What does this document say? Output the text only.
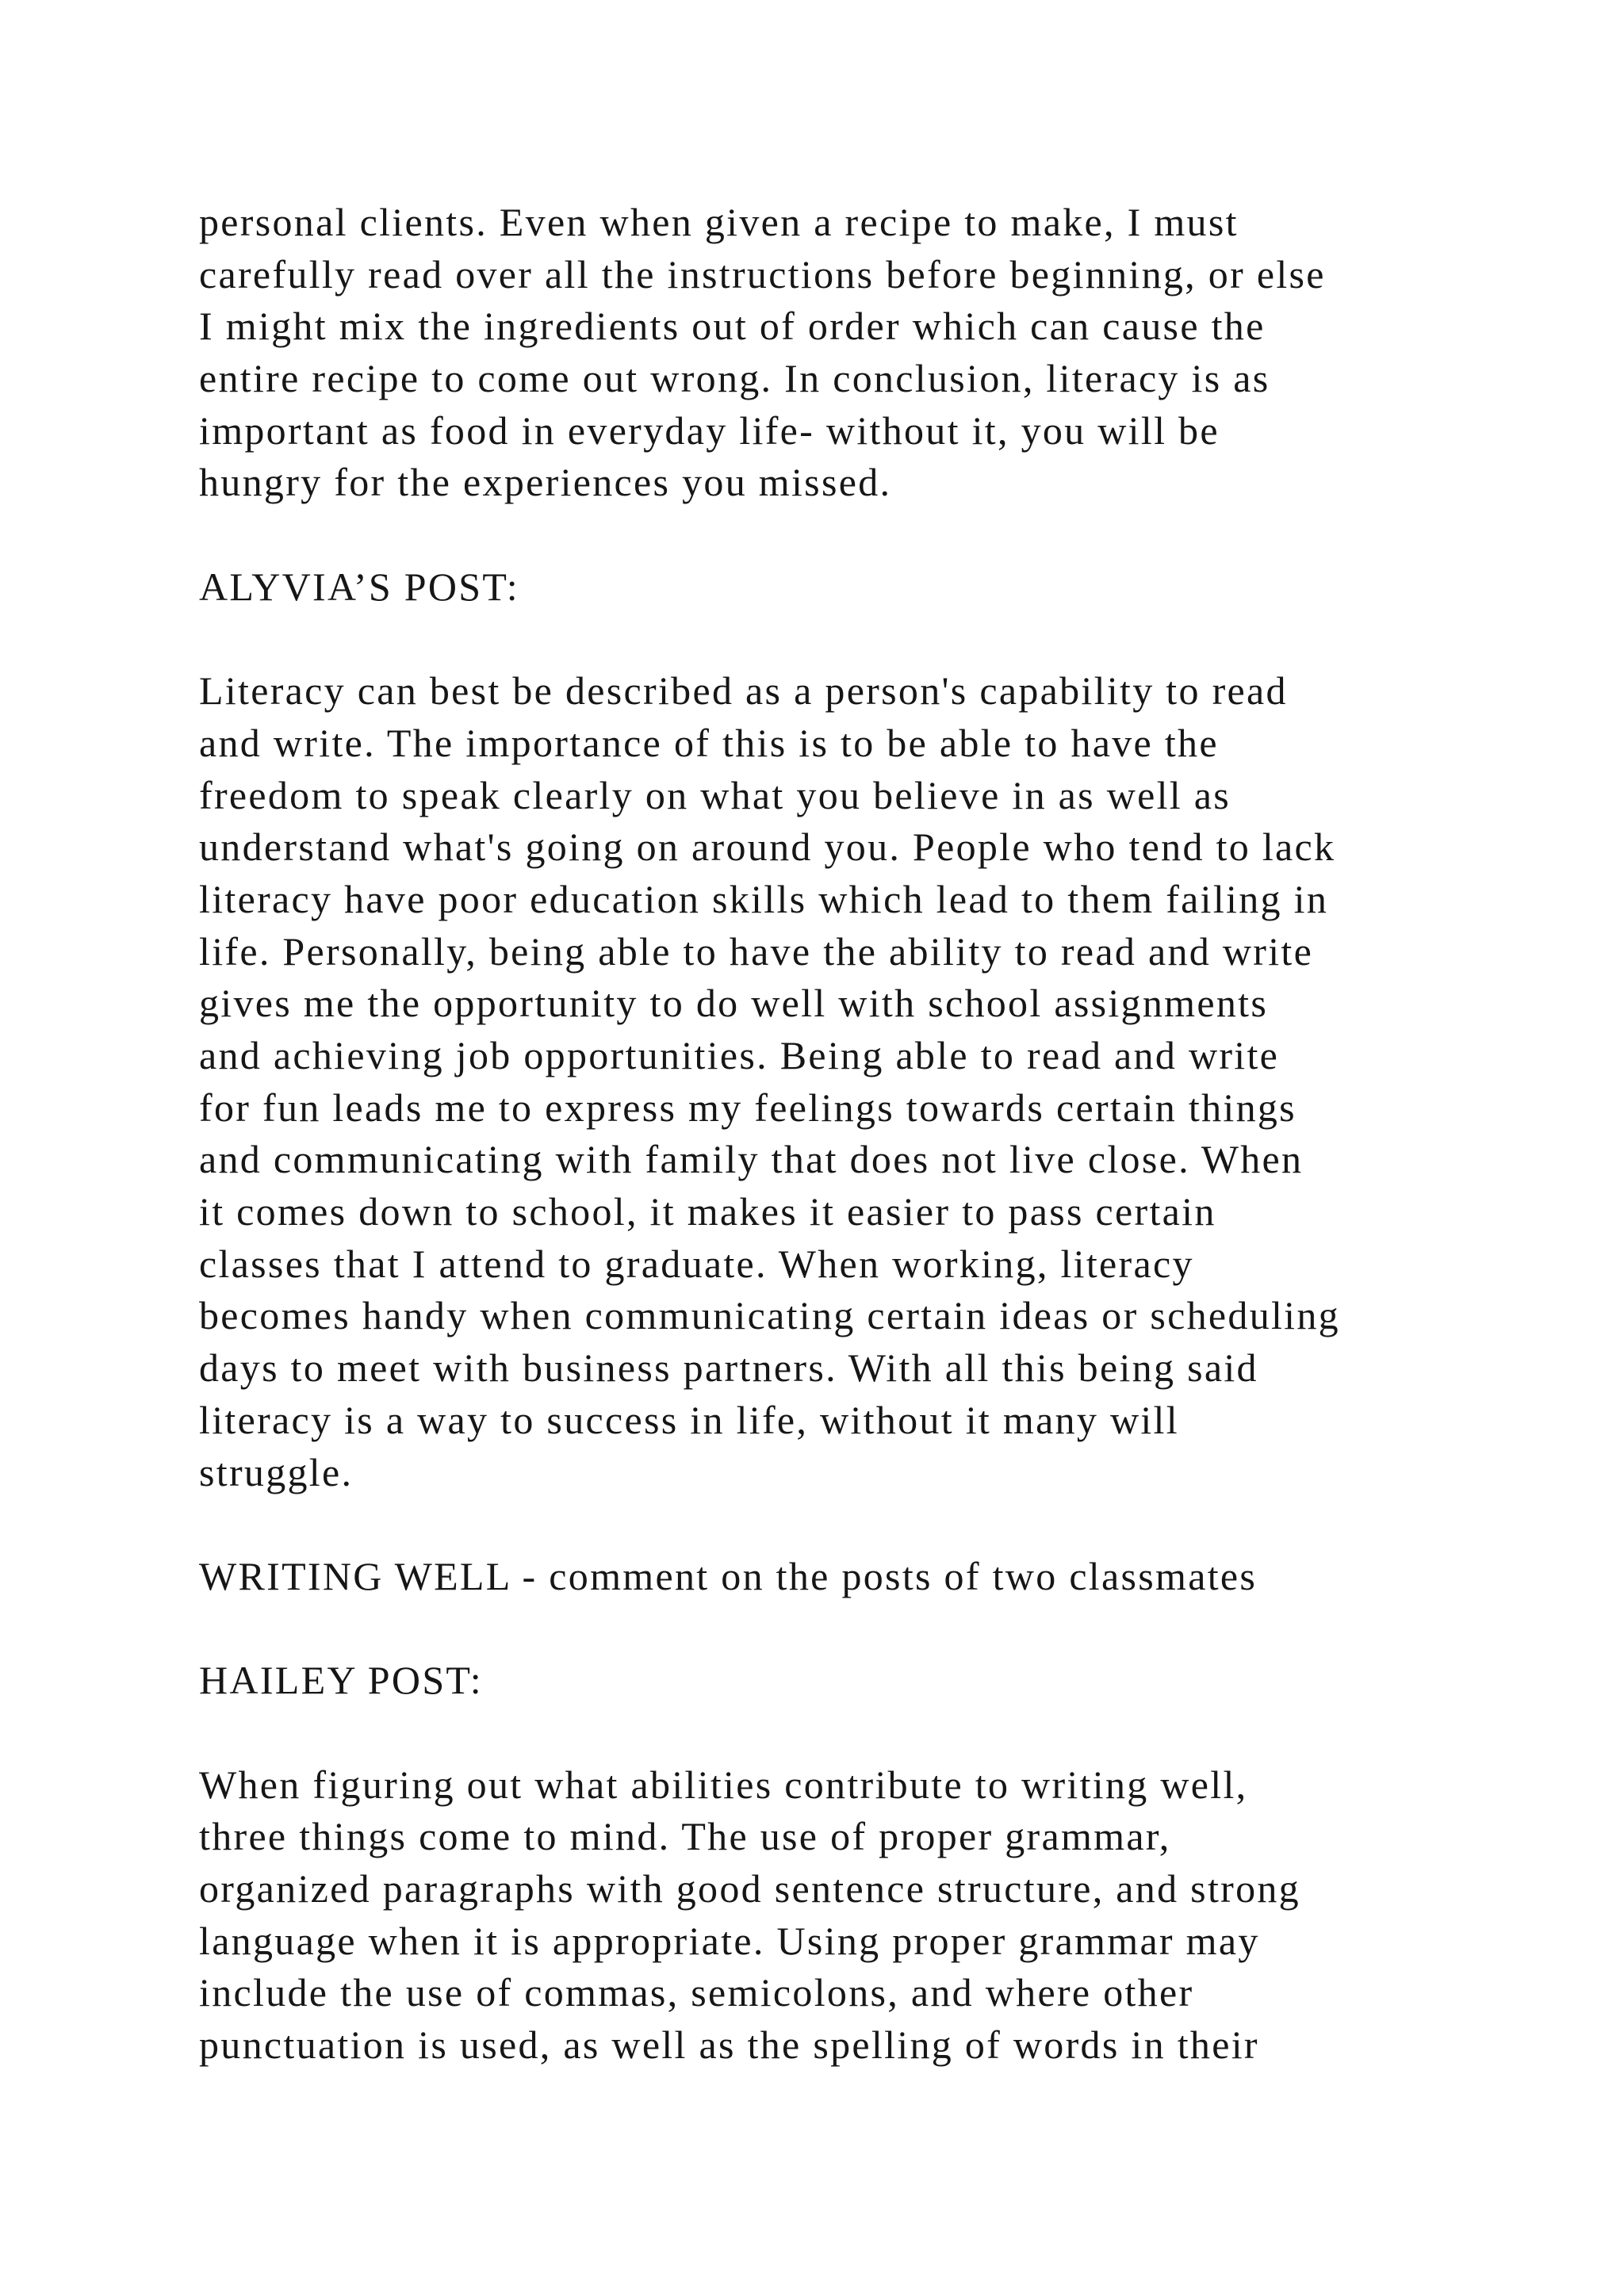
personal clients. Even when given a recipe to make, I must
carefully read over all the instructions before beginning, or else
I might mix the ingredients out of order which can cause the
entire recipe to come out wrong. In conclusion, literacy is as
important as food in everyday life- without it, you will be
hungry for the experiences you missed.
ALYVIA’S POST:
Literacy can best be described as a person's capability to read
and write. The importance of this is to be able to have the
freedom to speak clearly on what you believe in as well as
understand what's going on around you. People who tend to lack
literacy have poor education skills which lead to them failing in
life. Personally, being able to have the ability to read and write
gives me the opportunity to do well with school assignments
and achieving job opportunities. Being able to read and write
for fun leads me to express my feelings towards certain things
and communicating with family that does not live close. When
it comes down to school, it makes it easier to pass certain
classes that I attend to graduate. When working, literacy
becomes handy when communicating certain ideas or scheduling
days to meet with business partners. With all this being said
literacy is a way to success in life, without it many will
struggle.
WRITING WELL - comment on the posts of two classmates
HAILEY POST:
When figuring out what abilities contribute to writing well,
three things come to mind. The use of proper grammar,
organized paragraphs with good sentence structure, and strong
language when it is appropriate. Using proper grammar may
include the use of commas, semicolons, and where other
punctuation is used, as well as the spelling of words in their
